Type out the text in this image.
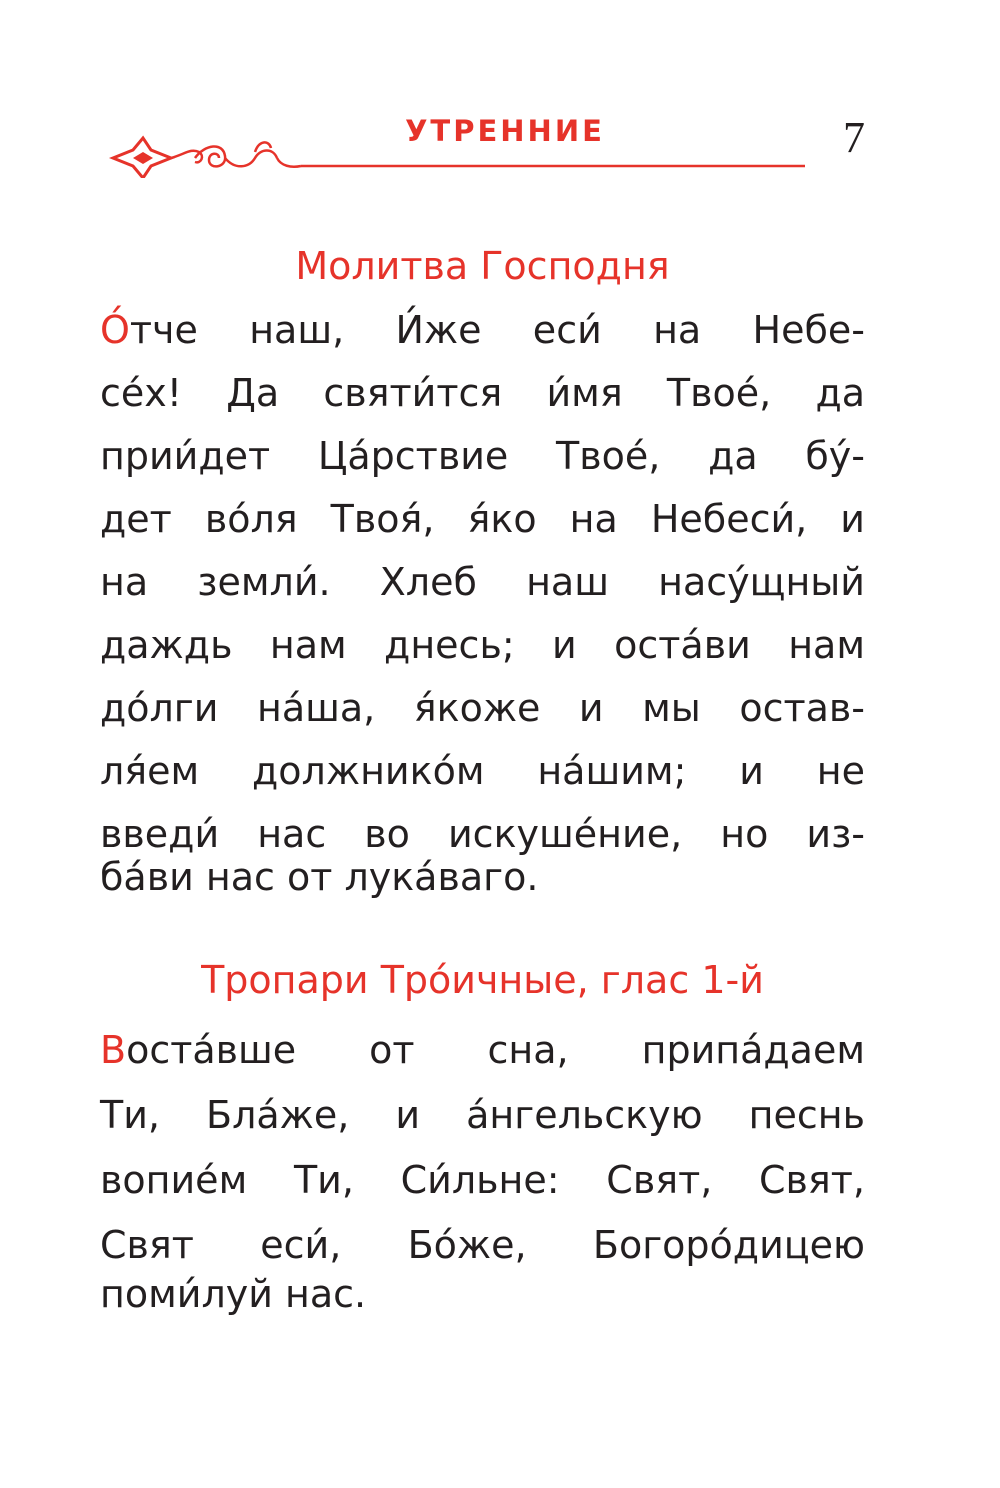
УТРЕННИЕ	7
Молитва Господня
О́тче наш, И́же еси́ на Небе-
се́х! Да святи́тся и́мя Твое́, да
прии́дет Ца́рствие Твое́, да бу́-
дет во́ля Твоя́, я́ко на Небеси́, и
на земли́. Хлеб наш насу́щный
даждь нам днесь; и оста́ви нам
до́лги на́ша, я́коже и мы остав-
ля́ем должнико́м на́шим; и не
введи́ нас во искуше́ние, но из-
ба́ви нас от лука́ваго.
Тропари Тро́ичные, глас 1-й
Воста́вше от сна, припа́даем
Ти, Бла́же, и а́нгельскую песнь
вопие́м Ти, Си́льне: Свят, Свят,
Свят еси́, Бо́же, Богоро́дицею
поми́луй нас.
